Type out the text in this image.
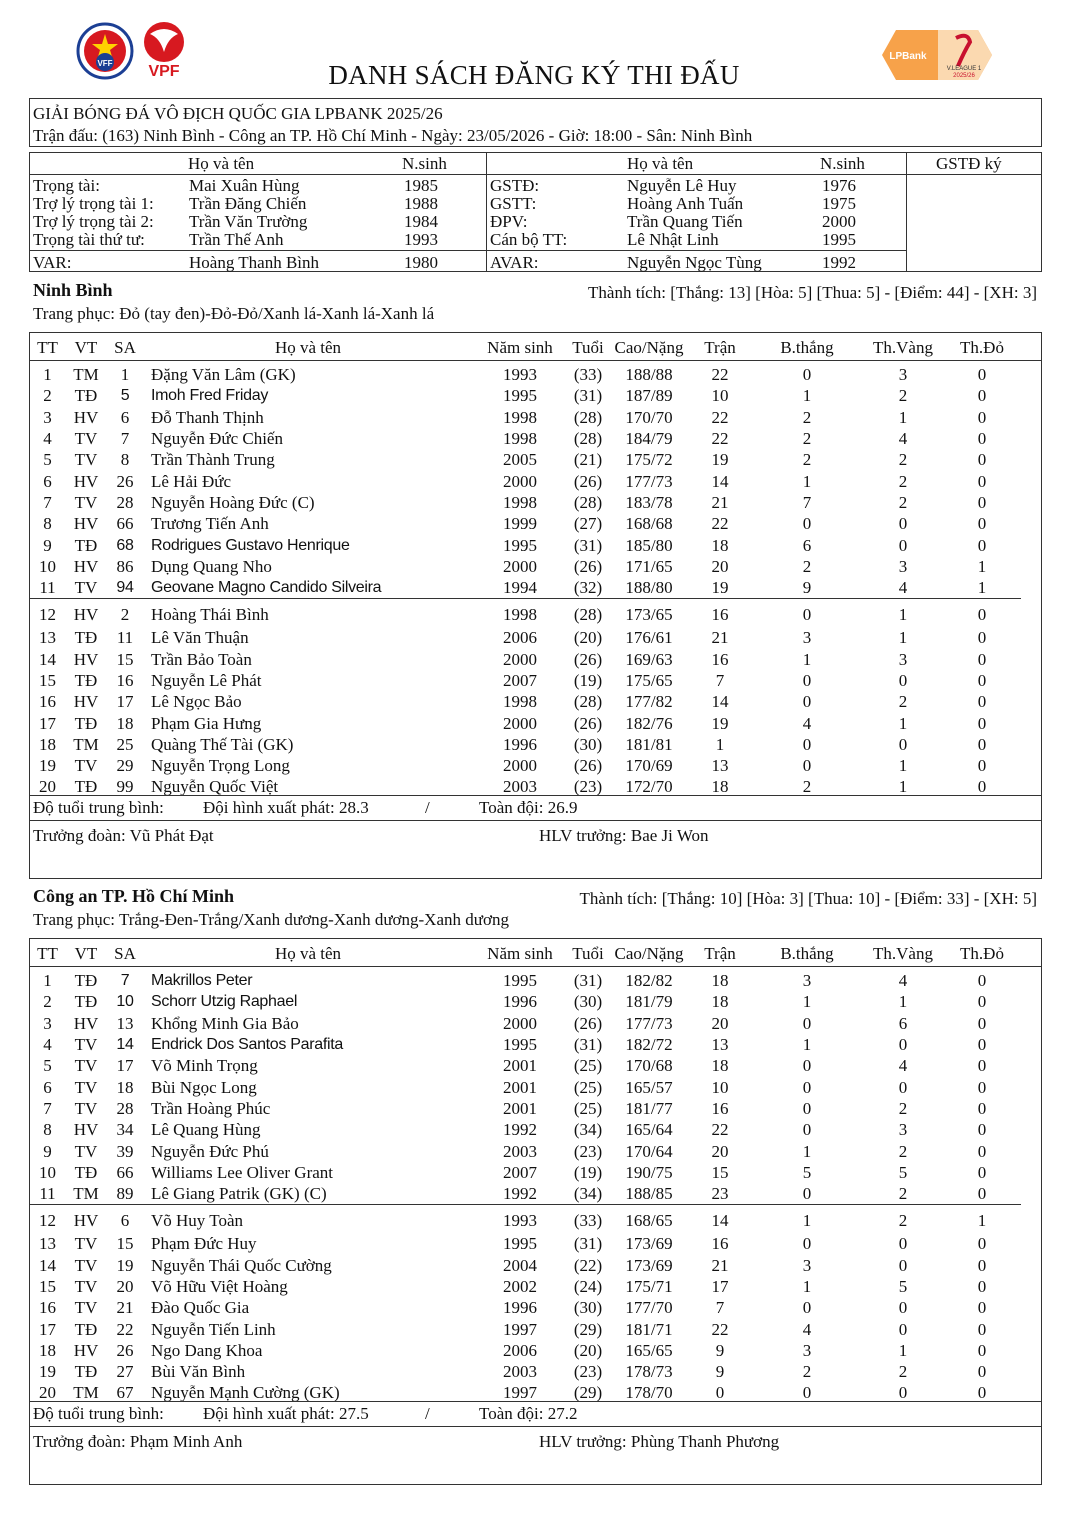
VFF VPF
LPBank
V.LEAGUE 1
2025/26
DANH SÁCH ĐĂNG KÝ THI ĐẤU
GIẢI BÓNG ĐÁ VÔ ĐỊCH QUỐC GIA LPBANK 2025/26
Trận đấu: (163) Ninh Bình - Công an TP. Hồ Chí Minh - Ngày: 23/05/2026 - Giờ: 18:00 - Sân: Ninh Bình
Họ và tên	N.sinh	Họ và tên	N.sinh	GSTĐ ký
Trọng tài:	Mai Xuân Hùng	1985	GSTĐ:	Nguyễn Lê Huy	1976
Trợ lý trọng tài 1: Trần Đăng Chiến	1988	GSTT:	Hoàng Anh Tuấn	1975
Trợ lý trọng tài 2: Trần Văn Trường	1984	ĐPV:	Trần Quang Tiến	2000
Trọng tài thứ tư:	Trần Thế Anh	1993	Cán bộ TT:	Lê Nhật Linh	1995
VAR:	Hoàng Thanh Bình	1980	AVAR:	Nguyễn Ngọc Tùng	1992
Ninh Bình	Thành tích: [Thắng: 13] [Hòa: 5] [Thua: 5] - [Điểm: 44] - [XH: 3]
Trang phục: Đỏ (tay đen)-Đỏ-Đỏ/Xanh lá-Xanh lá-Xanh lá
TT	VT	SA	Họ và tên	Năm sinh	Tuổi	Cao/Nặng	Trận	B.thắng	Th.Vàng	Th.Đỏ
1	TM	1	Đặng Văn Lâm (GK)	1993	(33)	188/88	22	0	3	0
2	TĐ	5	Imoh Fred Friday	1995	(31)	187/89	10	1	2	0
3	HV	6	Đỗ Thanh Thịnh	1998	(28)	170/70	22	2	1	0
4	TV	7	Nguyễn Đức Chiến	1998	(28)	184/79	22	2	4	0
5	TV	8	Trần Thành Trung	2005	(21)	175/72	19	2	2	0
6	HV	26	Lê Hải Đức	2000	(26)	177/73	14	1	2	0
7	TV	28	Nguyễn Hoàng Đức (C)	1998	(28)	183/78	21	7	2	0
8	HV	66	Trương Tiến Anh	1999	(27)	168/68	22	0	0	0
9	TĐ	68	Rodrigues Gustavo Henrique	1995	(31)	185/80	18	6	0	0
10	HV	86	Dụng Quang Nho	2000	(26)	171/65	20	2	3	1
11	TV	94	Geovane Magno Candido Silveira	1994	(32)	188/80	19	9	4	1
12	HV	2	Hoàng Thái Bình	1998	(28)	173/65	16	0	1	0
13	TĐ	11	Lê Văn Thuận	2006	(20)	176/61	21	3	1	0
14	HV	15	Trần Bảo Toàn	2000	(26)	169/63	16	1	3	0
15	TĐ	16	Nguyễn Lê Phát	2007	(19)	175/65	7	0	0	0
16	HV	17	Lê Ngọc Bảo	1998	(28)	177/82	14	0	2	0
17	TĐ	18	Phạm Gia Hưng	2000	(26)	182/76	19	4	1	0
18	TM	25	Quàng Thế Tài (GK)	1996	(30)	181/81	1	0	0	0
19	TV	29	Nguyễn Trọng Long	2000	(26)	170/69	13	0	1	0
20	TĐ	99	Nguyễn Quốc Việt	2003	(23)	172/70	18	2	1	0
Độ tuổi trung bình: Đội hình xuất phát: 28.3	/	Toàn đội: 26.9
Trưởng đoàn: Vũ Phát Đạt	HLV trưởng: Bae Ji Won
Công an TP. Hồ Chí Minh	Thành tích: [Thắng: 10] [Hòa: 3] [Thua: 10] - [Điểm: 33] - [XH: 5]
Trang phục: Trắng-Đen-Trắng/Xanh dương-Xanh dương-Xanh dương
TT	VT	SA	Họ và tên	Năm sinh	Tuổi	Cao/Nặng	Trận	B.thắng	Th.Vàng	Th.Đỏ
1	TĐ	7	Makrillos Peter	1995	(31)	182/82	18	3	4	0
2	TĐ	10	Schorr Utzig Raphael	1996	(30)	181/79	18	1	1	0
3	HV	13	Khổng Minh Gia Bảo	2000	(26)	177/73	20	0	6	0
4	TV	14	Endrick Dos Santos Parafita	1995	(31)	182/72	13	1	0	0
5	TV	17	Võ Minh Trọng	2001	(25)	170/68	18	0	4	0
6	TV	18	Bùi Ngọc Long	2001	(25)	165/57	10	0	0	0
7	TV	28	Trần Hoàng Phúc	2001	(25)	181/77	16	0	2	0
8	HV	34	Lê Quang Hùng	1992	(34)	165/64	22	0	3	0
9	TV	39	Nguyễn Đức Phú	2003	(23)	170/64	20	1	2	0
10	TĐ	66	Williams Lee Oliver Grant	2007	(19)	190/75	15	5	5	0
11	TM	89	Lê Giang Patrik (GK) (C)	1992	(34)	188/85	23	0	2	0
12	HV	6	Võ Huy Toàn	1993	(33)	168/65	14	1	2	1
13	TV	15	Phạm Đức Huy	1995	(31)	173/69	16	0	0	0
14	TV	19	Nguyễn Thái Quốc Cường	2004	(22)	173/69	21	3	0	0
15	TV	20	Võ Hữu Việt Hoàng	2002	(24)	175/71	17	1	5	0
16	TV	21	Đào Quốc Gia	1996	(30)	177/70	7	0	0	0
17	TĐ	22	Nguyễn Tiến Linh	1997	(29)	181/71	22	4	0	0
18	HV	26	Ngo Dang Khoa	2006	(20)	165/65	9	3	1	0
19	TĐ	27	Bùi Văn Bình	2003	(23)	178/73	9	2	2	0
20	TM	67	Nguyễn Mạnh Cường (GK)	1997	(29)	178/70	0	0	0	0
Độ tuổi trung bình: Đội hình xuất phát: 27.5	/	Toàn đội: 27.2
Trưởng đoàn: Phạm Minh Anh	HLV trưởng: Phùng Thanh Phương
